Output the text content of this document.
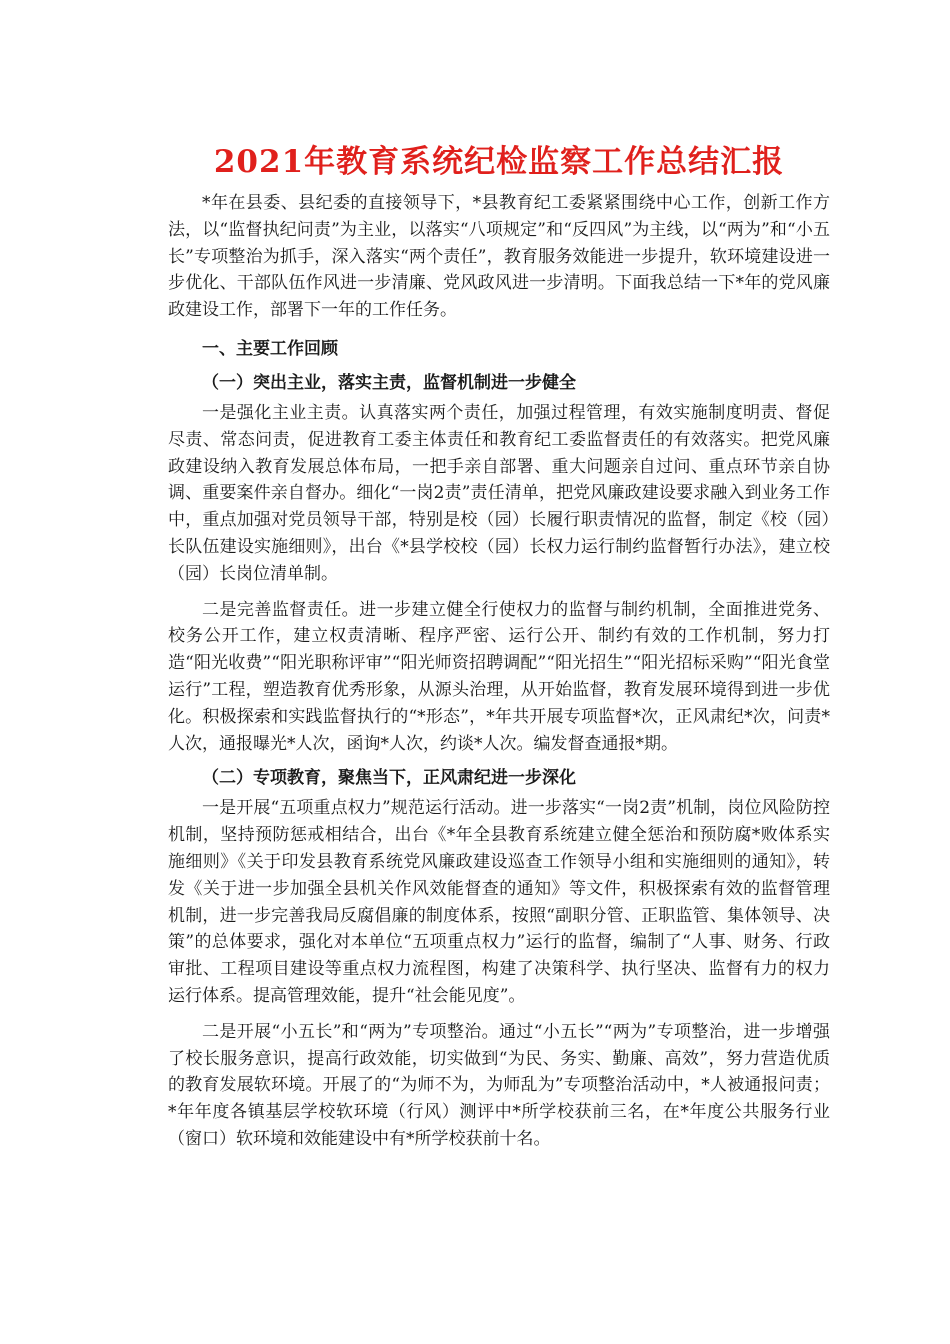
2021年教育系统纪检监察工作总结汇报

*年在县委、县纪委的直接领导下，*县教育纪工委紧紧围绕中心工作，创新工作方法，以“监督执纪问责”为主业，以落实“八项规定”和“反四风”为主线，以“两为”和“小五长”专项整治为抓手，深入落实“两个责任”，教育服务效能进一步提升，软环境建设进一步优化、干部队伍作风进一步清廉、党风政风进一步清明。下面我总结一下*年的党风廉政建设工作，部署下一年的工作任务。

一、主要工作回顾

（一）突出主业，落实主责，监督机制进一步健全

一是强化主业主责。认真落实两个责任，加强过程管理，有效实施制度明责、督促尽责、常态问责，促进教育工委主体责任和教育纪工委监督责任的有效落实。把党风廉政建设纳入教育发展总体布局，一把手亲自部署、重大问题亲自过问、重点环节亲自协调、重要案件亲自督办。细化“一岗2责”责任清单，把党风廉政建设要求融入到业务工作中，重点加强对党员领导干部，特别是校（园）长履行职责情况的监督，制定《校（园）长队伍建设实施细则》，出台《*县学校校（园）长权力运行制约监督暂行办法》，建立校（园）长岗位清单制。

二是完善监督责任。进一步建立健全行使权力的监督与制约机制，全面推进党务、校务公开工作，建立权责清晰、程序严密、运行公开、制约有效的工作机制，努力打造“阳光收费”“阳光职称评审”“阳光师资招聘调配”“阳光招生”“阳光招标采购”“阳光食堂运行”工程，塑造教育优秀形象，从源头治理，从开始监督，教育发展环境得到进一步优化。积极探索和实践监督执行的“*形态”，*年共开展专项监督*次，正风肃纪*次，问责*人次，通报曝光*人次，函询*人次，约谈*人次。编发督查通报*期。

（二）专项教育，聚焦当下，正风肃纪进一步深化

一是开展“五项重点权力”规范运行活动。进一步落实“一岗2责”机制，岗位风险防控机制，坚持预防惩戒相结合，出台《*年全县教育系统建立健全惩治和预防腐*败体系实施细则》《关于印发县教育系统党风廉政建设巡查工作领导小组和实施细则的通知》，转发《关于进一步加强全县机关作风效能督查的通知》等文件，积极探索有效的监督管理机制，进一步完善我局反腐倡廉的制度体系，按照“副职分管、正职监管、集体领导、决策”的总体要求，强化对本单位“五项重点权力”运行的监督，编制了“人事、财务、行政审批、工程项目建设等重点权力流程图，构建了决策科学、执行坚决、监督有力的权力运行体系。提高管理效能，提升“社会能见度”。

二是开展“小五长”和“两为”专项整治。通过“小五长”“两为”专项整治，进一步增强了校长服务意识，提高行政效能，切实做到“为民、务实、勤廉、高效”，努力营造优质的教育发展软环境。开展了的“为师不为，为师乱为”专项整治活动中，*人被通报问责；*年年度各镇基层学校软环境（行风）测评中*所学校获前三名，在*年度公共服务行业（窗口）软环境和效能建设中有*所学校获前十名。
